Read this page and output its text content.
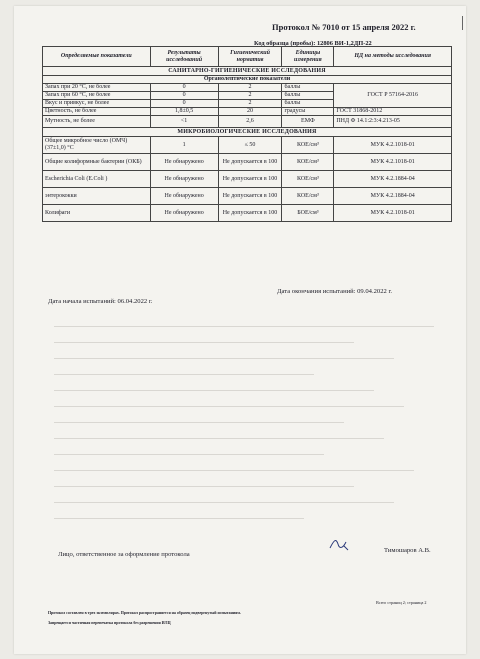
Протокол № 7010 от 15 апреля 2022 г.
Код образца (пробы): 12806 ВИ-1,2ДП-22
Определяемые показатели	Результаты исследований	Гигиенический норматив	Единицы измерения	НД на методы исследования
САНИТАРНО-ГИГИЕНИЧЕСКИЕ ИССЛЕДОВАНИЯ				
Органолептические показатели				
Запах при 20 °С, не более	0	2	баллы	ГОСТ Р 57164-2016
Запах при 60 °С, не более	0	2	баллы	
Вкус и привкус, не более	0	2	баллы	
Цветность, не более	1,8±0,5	20	градусы	ГОСТ 31868-2012
Мутность, не более	<1	2,6	ЕМФ	ПНД Ф 14.1:2:3:4.213-05
МИКРОБИОЛОГИЧЕСКИЕ ИССЛЕДОВАНИЯ				
Общее микробное число (ОМЧ) (37±1,0) °С	1	≤ 50	КОЕ/см³	МУК 4.2.1018-01
Общие колиформные бактерии (ОКБ)	Не обнаружено	Не допускается в 100	КОЕ/см³	МУК 4.2.1018-01
Escherichia Coli (E.Coli )	Не обнаружено	Не допускается в 100	КОЕ/см³	МУК 4.2.1884-04
энтерококки	Не обнаружено	Не допускается в 100	КОЕ/см³	МУК 4.2.1884-04
Колифаги	Не обнаружено	Не допускается в 100	БОЕ/см³	МУК 4.2.1018-01
Дата окончания испытаний: 09.04.2022 г.
Дата начала испытаний: 06.04.2022 г.
Лицо, ответственное за оформление протокола
Тимошаров А.В.
Всего страниц 2; страница 2
Протокол составлен в трех экземплярах. Протокол распространяется на образец подвергнутый испытаниям.
Запрещается частичная перепечатка протокола без разрешения ИЛЦ
